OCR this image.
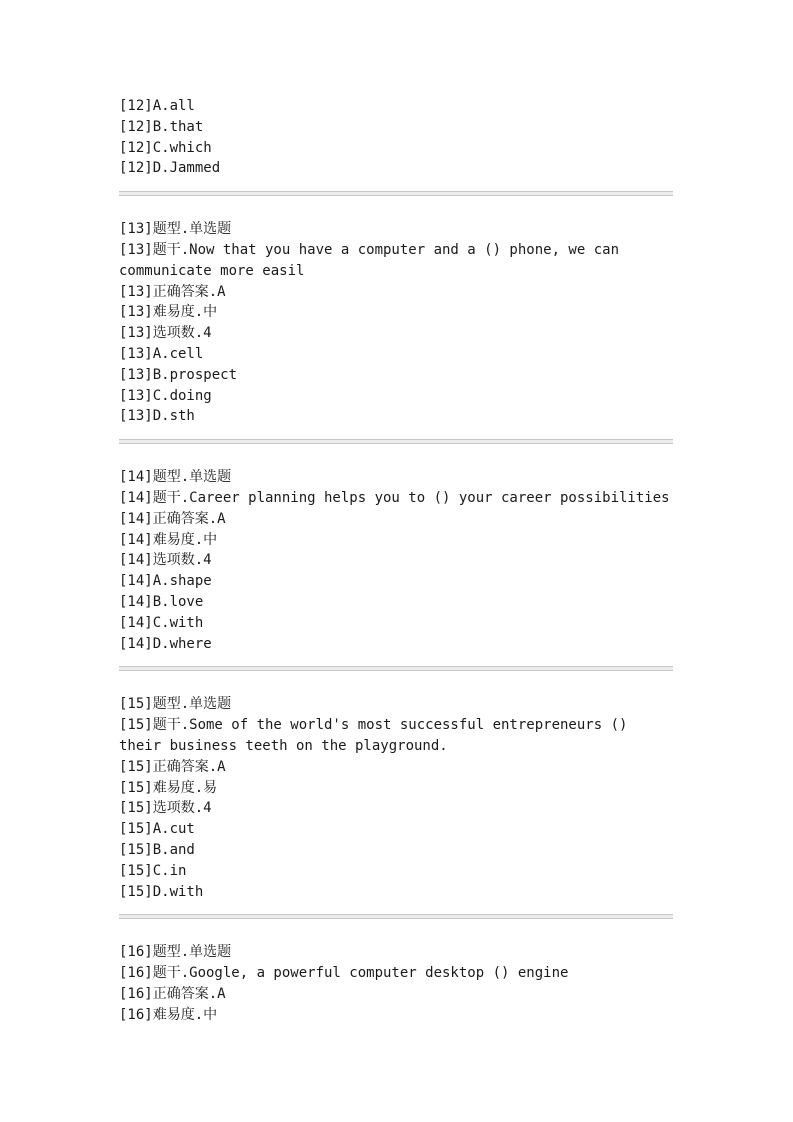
[12]A.all

[12]B.that

[12]C.which

[12]D.Jammed

[13]题型.单选题

[13]题干.Now that you have a computer and a () phone, we can communicate more easil

[13]正确答案.A

[13]难易度.中

[13]选项数.4

[13]A.cell

[13]B.prospect

[13]C.doing

[13]D.sth

[14]题型.单选题

[14]题干.Career planning helps you to () your career possibilities

[14]正确答案.A

[14]难易度.中

[14]选项数.4

[14]A.shape

[14]B.love

[14]C.with

[14]D.where

[15]题型.单选题

[15]题干.Some of the world's most successful entrepreneurs () their business teeth on the playground.

[15]正确答案.A

[15]难易度.易

[15]选项数.4

[15]A.cut

[15]B.and

[15]C.in

[15]D.with

[16]题型.单选题

[16]题干.Google, a powerful computer desktop () engine

[16]正确答案.A

[16]难易度.中
